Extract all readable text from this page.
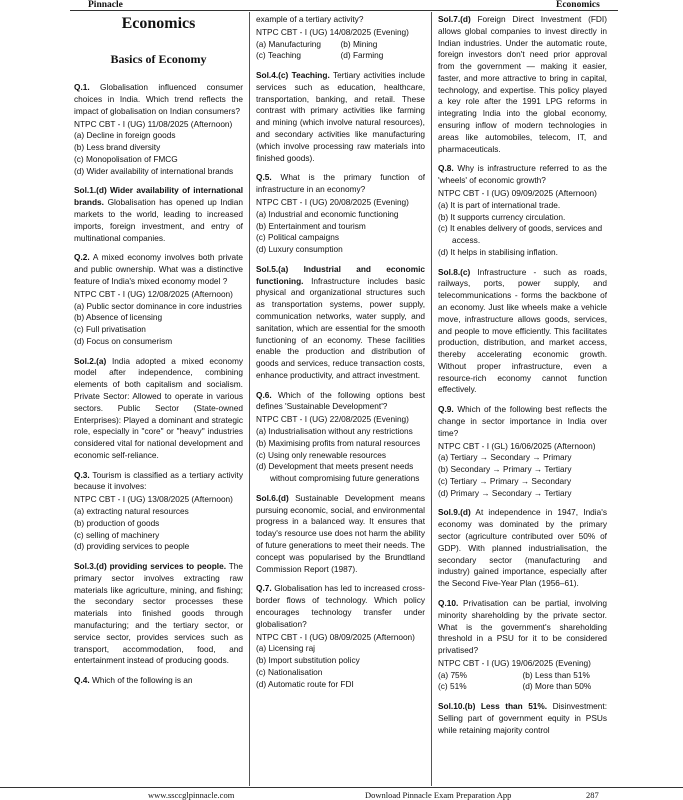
Pinnacle	Economics
Economics
Basics of Economy
Q.1. Globalisation influenced consumer choices in India. Which trend reflects the impact of globalisation on Indian consumers?
NTPC CBT - I (UG) 11/08/2025 (Afternoon)
(a) Decline in foreign goods
(b) Less brand diversity
(c) Monopolisation of FMCG
(d) Wider availability of international brands
Sol.1.(d) Wider availability of international brands. Globalisation has opened up Indian markets to the world, leading to increased imports, foreign investment, and entry of multinational companies.
Q.2. A mixed economy involves both private and public ownership. What was a distinctive feature of India's mixed economy model ?
NTPC CBT - I (UG) 12/08/2025 (Afternoon)
(a) Public sector dominance in core industries
(b) Absence of licensing
(c) Full privatisation
(d) Focus on consumerism
Sol.2.(a) India adopted a mixed economy model after independence, combining elements of both capitalism and socialism. Private Sector: Allowed to operate in various sectors. Public Sector (State-owned Enterprises): Played a dominant and strategic role, especially in "core" or "heavy" industries considered vital for national development and economic self-reliance.
Q.3. Tourism is classified as a tertiary activity because it involves:
NTPC CBT - I (UG) 13/08/2025 (Afternoon)
(a) extracting natural resources
(b) production of goods
(c) selling of machinery
(d) providing services to people
Sol.3.(d) providing services to people. The primary sector involves extracting raw materials like agriculture, mining, and fishing; the secondary sector processes these materials into finished goods through manufacturing; and the tertiary sector, or service sector, provides services such as transport, accommodation, food, and entertainment instead of producing goods.
Q.4. Which of the following is an
example of a tertiary activity?
NTPC CBT - I (UG) 14/08/2025 (Evening)
(a) Manufacturing	(b) Mining
(c) Teaching	(d) Farming
Sol.4.(c) Teaching. Tertiary activities include services such as education, healthcare, transportation, banking, and retail. These contrast with primary activities like farming and mining (which involve natural resources), and secondary activities like manufacturing (which involve processing raw materials into finished goods).
Q.5. What is the primary function of infrastructure in an economy?
NTPC CBT - I (UG) 20/08/2025 (Evening)
(a) Industrial and economic functioning
(b) Entertainment and tourism
(c) Political campaigns
(d) Luxury consumption
Sol.5.(a) Industrial and economic functioning. Infrastructure includes basic physical and organizational structures such as transportation systems, power supply, communication networks, water supply, and sanitation, which are essential for the smooth functioning of an economy. These facilities enable the production and distribution of goods and services, reduce transaction costs, enhance productivity, and attract investment.
Q.6. Which of the following options best defines 'Sustainable Development'?
NTPC CBT - I (UG) 22/08/2025 (Evening)
(a) Industrialisation without any restrictions
(b) Maximising profits from natural resources
(c) Using only renewable resources
(d) Development that meets present needs without compromising future generations
Sol.6.(d) Sustainable Development means pursuing economic, social, and environmental progress in a balanced way. It ensures that today's resource use does not harm the ability of future generations to meet their needs. The concept was popularised by the Brundtland Commission Report (1987).
Q.7. Globalisation has led to increased cross-border flows of technology. Which policy encourages technology transfer under globalisation?
NTPC CBT - I (UG) 08/09/2025 (Afternoon)
(a) Licensing raj
(b) Import substitution policy
(c) Nationalisation
(d) Automatic route for FDI
Sol.7.(d) Foreign Direct Investment (FDI) allows global companies to invest directly in Indian industries. Under the automatic route, foreign investors don't need prior approval from the government — making it easier, faster, and more attractive to bring in capital, technology, and expertise. This policy played a key role after the 1991 LPG reforms in integrating India into the global economy, ensuring inflow of modern technologies in areas like automobiles, telecom, IT, and pharmaceuticals.
Q.8. Why is infrastructure referred to as the 'wheels' of economic growth?
NTPC CBT - I (UG) 09/09/2025 (Afternoon)
(a) It is part of international trade.
(b) It supports currency circulation.
(c) It enables delivery of goods, services and access.
(d) It helps in stabilising inflation.
Sol.8.(c) Infrastructure - such as roads, railways, ports, power supply, and telecommunications - forms the backbone of an economy. Just like wheels make a vehicle move, infrastructure allows goods, services, and people to move efficiently. This facilitates production, distribution, and market access, thereby accelerating economic growth. Without proper infrastructure, even a resource-rich economy cannot function effectively.
Q.9. Which of the following best reflects the change in sector importance in India over time?
NTPC CBT - I (GL) 16/06/2025 (Afternoon)
(a) Tertiary → Secondary → Primary
(b) Secondary → Primary → Tertiary
(c) Tertiary → Primary → Secondary
(d) Primary → Secondary → Tertiary
Sol.9.(d) At independence in 1947, India's economy was dominated by the primary sector (agriculture contributed over 50% of GDP). With planned industrialisation, the secondary sector (manufacturing and industry) gained importance, especially after the Second Five-Year Plan (1956–61).
Q.10. Privatisation can be partial, involving minority shareholding by the private sector. What is the government's shareholding threshold in a PSU for it to be considered privatised?
NTPC CBT - I (UG) 19/06/2025 (Evening)
(a) 75%	(b) Less than 51%
(c) 51%	(d) More than 50%
Sol.10.(b) Less than 51%. Disinvestment: Selling part of government equity in PSUs while retaining majority control
www.ssccglpinnacle.com	Download Pinnacle Exam Preparation App	287
